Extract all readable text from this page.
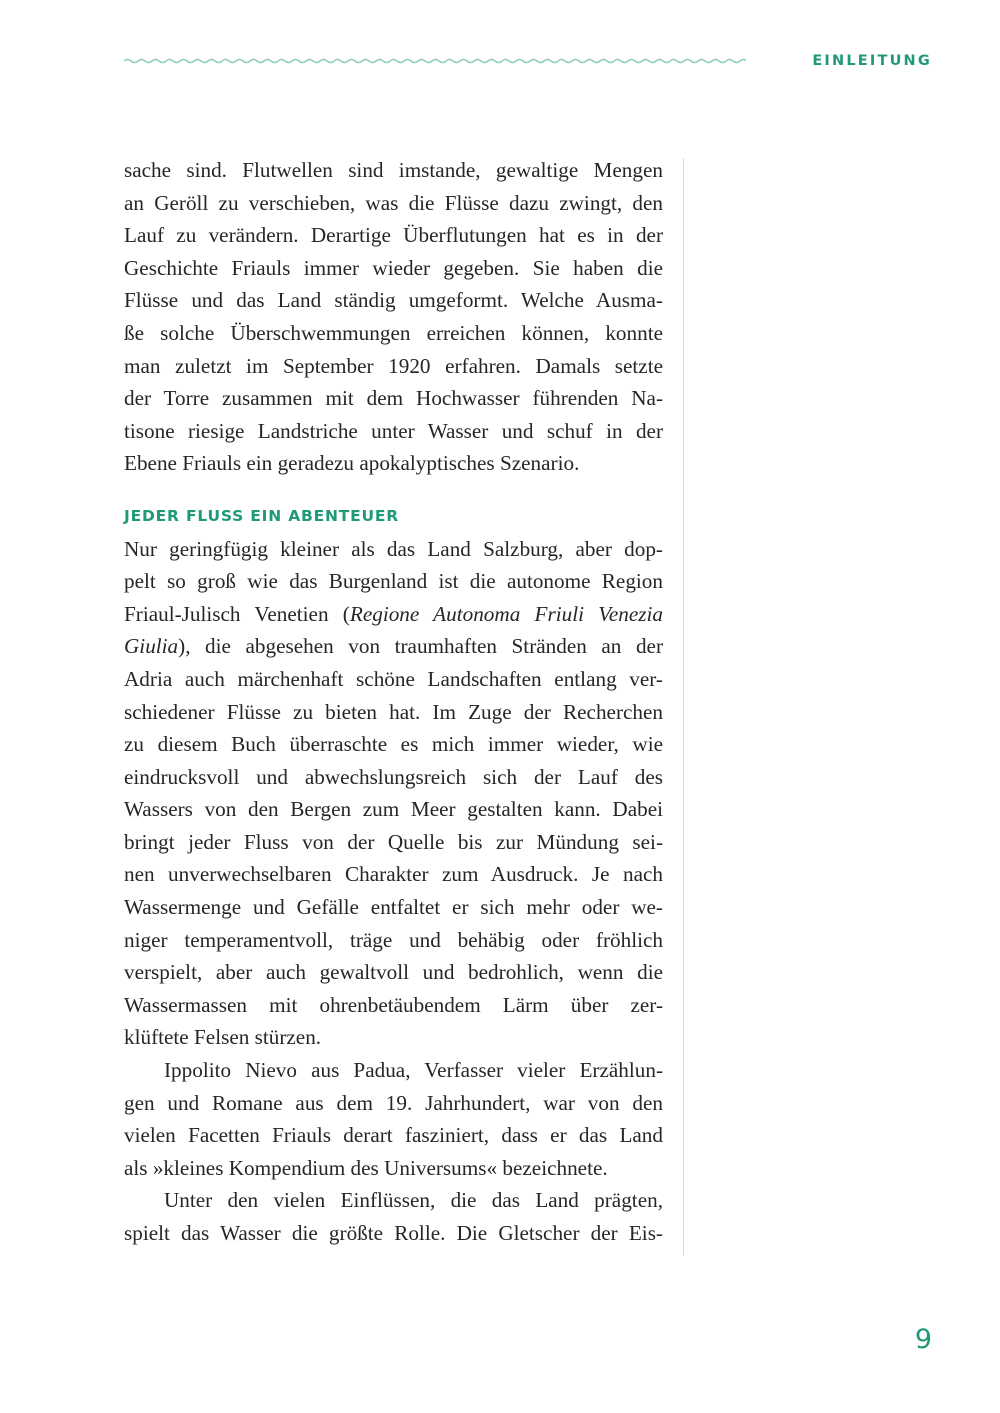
EINLEITUNG
sache sind. Flutwellen sind imstande, gewaltige Mengen
an Geröll zu verschieben, was die Flüsse dazu zwingt, den
Lauf zu verändern. Derartige Überflutungen hat es in der
Geschichte Friauls immer wieder gegeben. Sie haben die
Flüsse und das Land ständig umgeformt. Welche Ausma-
ße solche Überschwemmungen erreichen können, konnte
man zuletzt im September 1920 erfahren. Damals setzte
der Torre zusammen mit dem Hochwasser führenden Na-
tisone riesige Landstriche unter Wasser und schuf in der
Ebene Friauls ein geradezu apokalyptisches Szenario.
JEDER FLUSS EIN ABENTEUER
Nur geringfügig kleiner als das Land Salzburg, aber dop-
pelt so groß wie das Burgenland ist die autonome Region
Friaul-Julisch Venetien (Regione Autonoma Friuli Venezia
Giulia), die abgesehen von traumhaften Stränden an der
Adria auch märchenhaft schöne Landschaften entlang ver-
schiedener Flüsse zu bieten hat. Im Zuge der Recherchen
zu diesem Buch überraschte es mich immer wieder, wie
eindrucksvoll und abwechslungsreich sich der Lauf des
Wassers von den Bergen zum Meer gestalten kann. Dabei
bringt jeder Fluss von der Quelle bis zur Mündung sei-
nen unverwechselbaren Charakter zum Ausdruck. Je nach
Wassermenge und Gefälle entfaltet er sich mehr oder we-
niger temperamentvoll, träge und behäbig oder fröhlich
verspielt, aber auch gewaltvoll und bedrohlich, wenn die
Wassermassen mit ohrenbetäubendem Lärm über zer-
klüftete Felsen stürzen.
Ippolito Nievo aus Padua, Verfasser vieler Erzählun-
gen und Romane aus dem 19. Jahrhundert, war von den
vielen Facetten Friauls derart fasziniert, dass er das Land
als »kleines Kompendium des Universums« bezeichnete.
Unter den vielen Einflüssen, die das Land prägten,
spielt das Wasser die größte Rolle. Die Gletscher der Eis-
9
